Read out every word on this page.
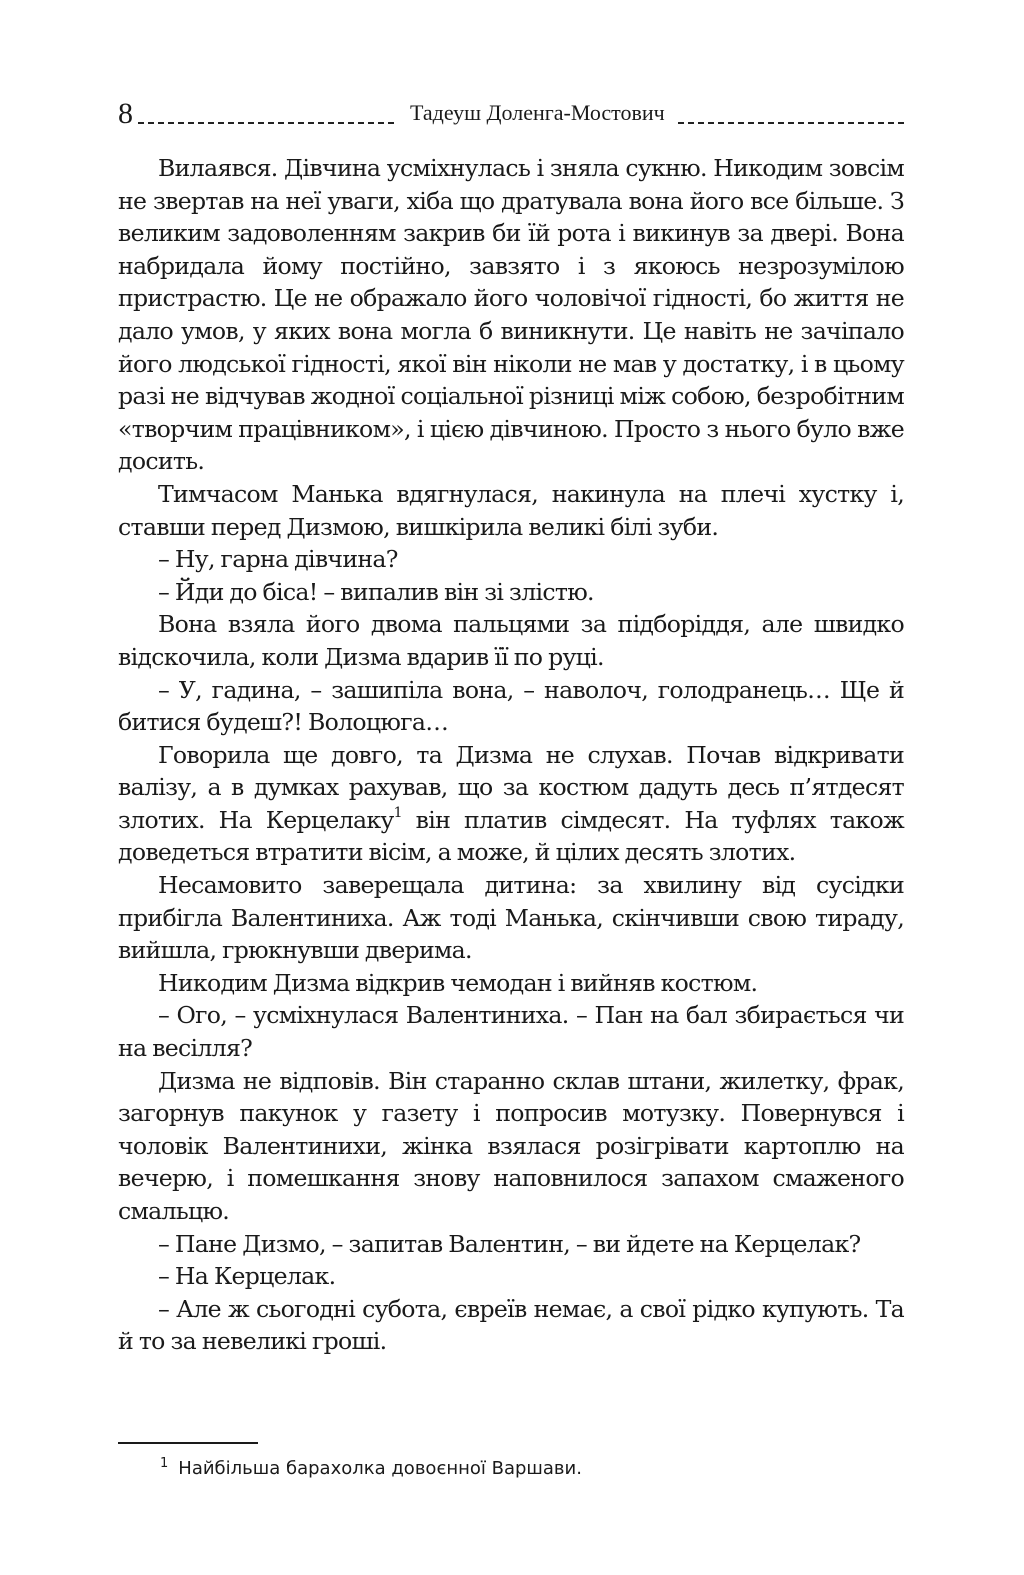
8	Тадеуш Доленга-Мостович

Вилаявся. Дівчина усміхнулась і зняла сукню. Никодим зовсім не звертав на неї уваги, хіба що дратувала вона його все більше. З великим задоволенням закрив би їй рота і викинув за двері. Вона набридала йому постійно, завзято і з якоюсь незрозумілою пристрастю. Це не ображало його чоловічої гідності, бо життя не дало умов, у яких вона могла б виникнути. Це навіть не зачіпало його людської гідності, якої він ніколи не мав у достатку, і в цьому разі не відчував жодної соціальної різниці між собою, безробітним «творчим працівником», і цією дівчиною. Просто з нього було вже досить.

Тимчасом Манька вдягнулася, накинула на плечі хустку і, ставши перед Дизмою, вишкірила великі білі зуби.

– Ну, гарна дівчина?

– Йди до біса! – випалив він зі злістю.

Вона взяла його двома пальцями за підборіддя, але швидко відскочила, коли Дизма вдарив її по руці.

– У, гадина, – зашипіла вона, – наволоч, голодранець… Ще й битися будеш?! Волоцюга…

Говорила ще довго, та Дизма не слухав. Почав відкривати валізу, а в думках рахував, що за костюм дадуть десь п’ятдесят злотих. На Керцелаку$^1$ він платив сімдесят. На туфлях також доведеться втратити вісім, а може, й цілих десять злотих.

Несамовито заверещала дитина: за хвилину від сусідки прибігла Валентиниха. Аж тоді Манька, скінчивши свою тираду, вийшла, грюкнувши дверима.

Никодим Дизма відкрив чемодан і вийняв костюм.

– Ого, – усміхнулася Валентиниха. – Пан на бал збирається чи на весілля?

Дизма не відповів. Він старанно склав штани, жилетку, фрак, загорнув пакунок у газету і попросив мотузку. Повернувся і чоловік Валентинихи, жінка взялася розігрівати картоплю на вечерю, і помешкання знову наповнилося запахом смаженого смальцю.

– Пане Дизмо, – запитав Валентин, – ви йдете на Керцелак?

– На Керцелак.

– Але ж сьогодні субота, євреїв немає, а свої рідко купують. Та й то за невеликі гроші.

$^1$ Найбільша барахолка довоєнної Варшави.
